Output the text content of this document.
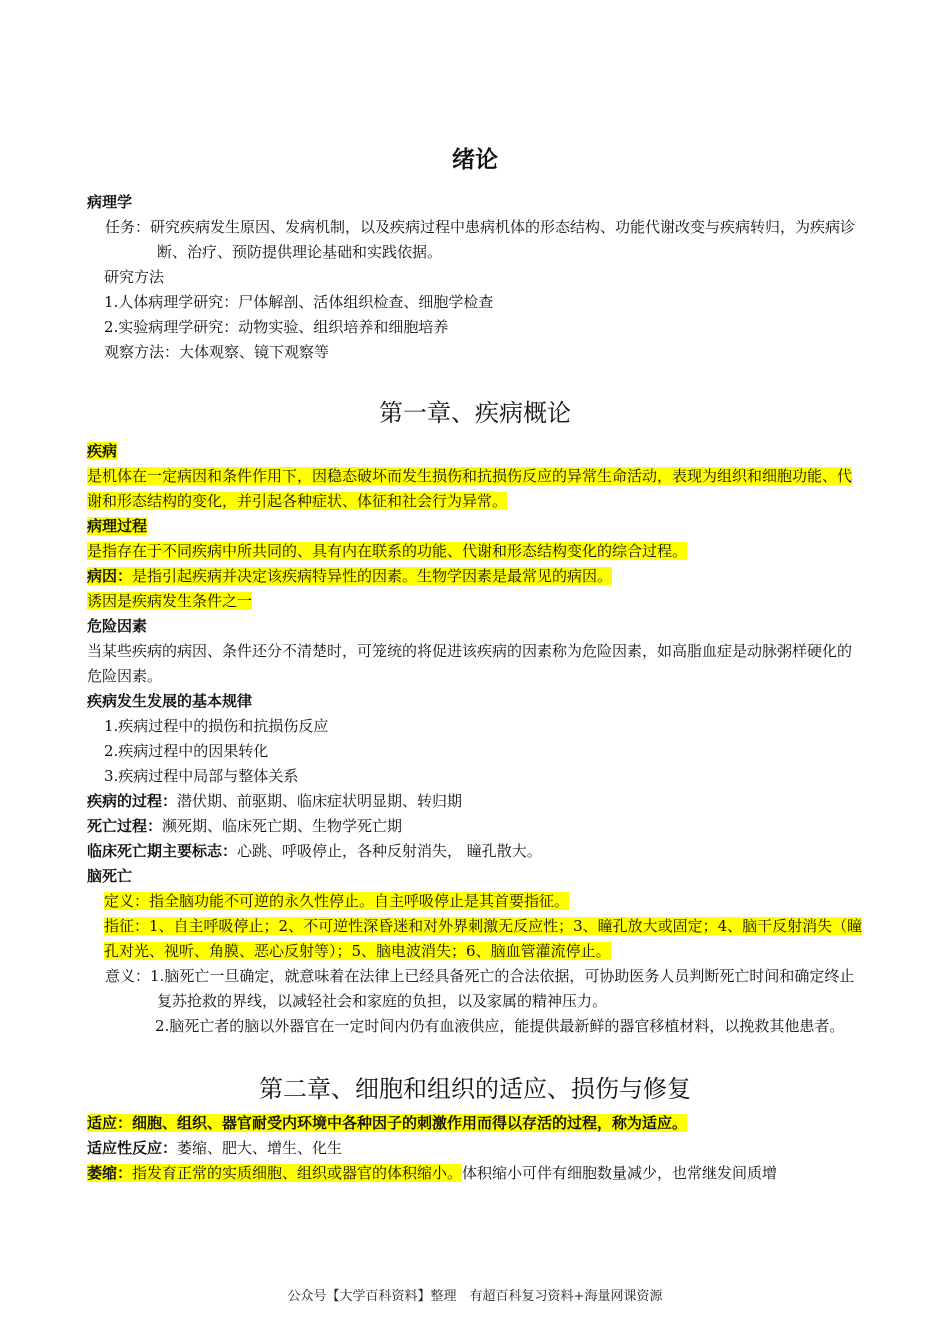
绪论

病理学

任务：研究疾病发生原因、发病机制，以及疾病过程中患病机体的形态结构、功能代谢改变与疾病转归，为疾病诊断、治疗、预防提供理论基础和实践依据。

研究方法

1.人体病理学研究：尸体解剖、活体组织检查、细胞学检查

2.实验病理学研究：动物实验、组织培养和细胞培养

观察方法：大体观察、镜下观察等

第一章、疾病概论

疾病

是机体在一定病因和条件作用下，因稳态破坏而发生损伤和抗损伤反应的异常生命活动，表现为组织和细胞功能、代谢和形态结构的变化，并引起各种症状、体征和社会行为异常。

病理过程

是指存在于不同疾病中所共同的、具有内在联系的功能、代谢和形态结构变化的综合过程。

病因：是指引起疾病并决定该疾病特异性的因素。生物学因素是最常见的病因。

诱因是疾病发生条件之一

危险因素

当某些疾病的病因、条件还分不清楚时，可笼统的将促进该疾病的因素称为危险因素，如高脂血症是动脉粥样硬化的危险因素。

疾病发生发展的基本规律

1.疾病过程中的损伤和抗损伤反应

2.疾病过程中的因果转化

3.疾病过程中局部与整体关系

疾病的过程：潜伏期、前驱期、临床症状明显期、转归期

死亡过程：濒死期、临床死亡期、生物学死亡期

临床死亡期主要标志：心跳、呼吸停止，各种反射消失， 瞳孔散大。

脑死亡

定义：指全脑功能不可逆的永久性停止。自主呼吸停止是其首要指征。

指征：1、自主呼吸停止；2、不可逆性深昏迷和对外界刺激无反应性；3、瞳孔放大或固定；4、脑干反射消失（瞳孔对光、视听、角膜、恶心反射等）；5、脑电波消失；6、脑血管灌流停止。

意义：1.脑死亡一旦确定，就意味着在法律上已经具备死亡的合法依据，可协助医务人员判断死亡时间和确定终止复苏抢救的界线，以减轻社会和家庭的负担，以及家属的精神压力。

2.脑死亡者的脑以外器官在一定时间内仍有血液供应，能提供最新鲜的器官移植材料，以挽救其他患者。

第二章、细胞和组织的适应、损伤与修复

适应：细胞、组织、器官耐受内环境中各种因子的刺激作用而得以存活的过程，称为适应。

适应性反应：萎缩、肥大、增生、化生

萎缩：指发育正常的实质细胞、组织或器官的体积缩小。体积缩小可伴有细胞数量减少，也常继发间质增

公众号【大学百科资料】整理　有超百科复习资料+海量网课资源
